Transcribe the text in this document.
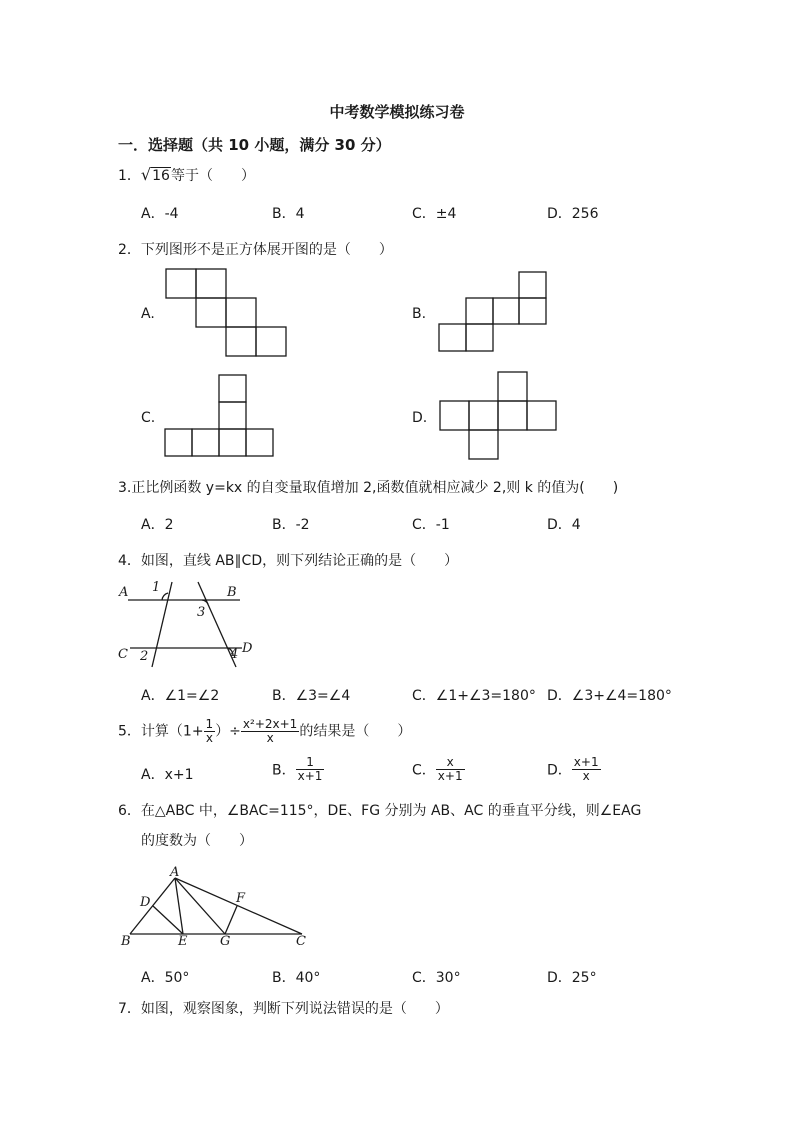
中考数学模拟练习卷
一．选择题（共 10 小题，满分 30 分）
1．√16等于（　　）
A．-4	B．4	C．±4	D．256
2．下列图形不是正方体展开图的是（　　）
A.	B.
C.	D.
3.正比例函数 y=kx 的自变量取值增加 2,函数值就相应减少 2,则 k 的值为(　　)
A．2	B．-2	C．-1	D．4
4．如图，直线 AB∥CD，则下列结论正确的是（　　）
A	B
C	D
1
2
3
4
A．∠1=∠2	B．∠3=∠4	C．∠1+∠3=180° D．∠3+∠4=180°
5．计算（$1+ \frac{1}{x}$ ）÷ $\frac{\text{x²+2x+1}}{x}$ 的结果是（　　）
A．x+1	B． $\frac{1}{x+1}$	C． $\frac{x}{x+1}$	D． $\frac{x+1}{x}$
6．在△ABC 中，∠BAC=115°，DE、FG 分别为 AB、AC 的垂直平分线，则∠EAG
的度数为（　　）
A
B	C
D
E
F
G
A．50°	B．40°	C．30°	D．25°
7．如图，观察图象，判断下列说法错误的是（　　）
